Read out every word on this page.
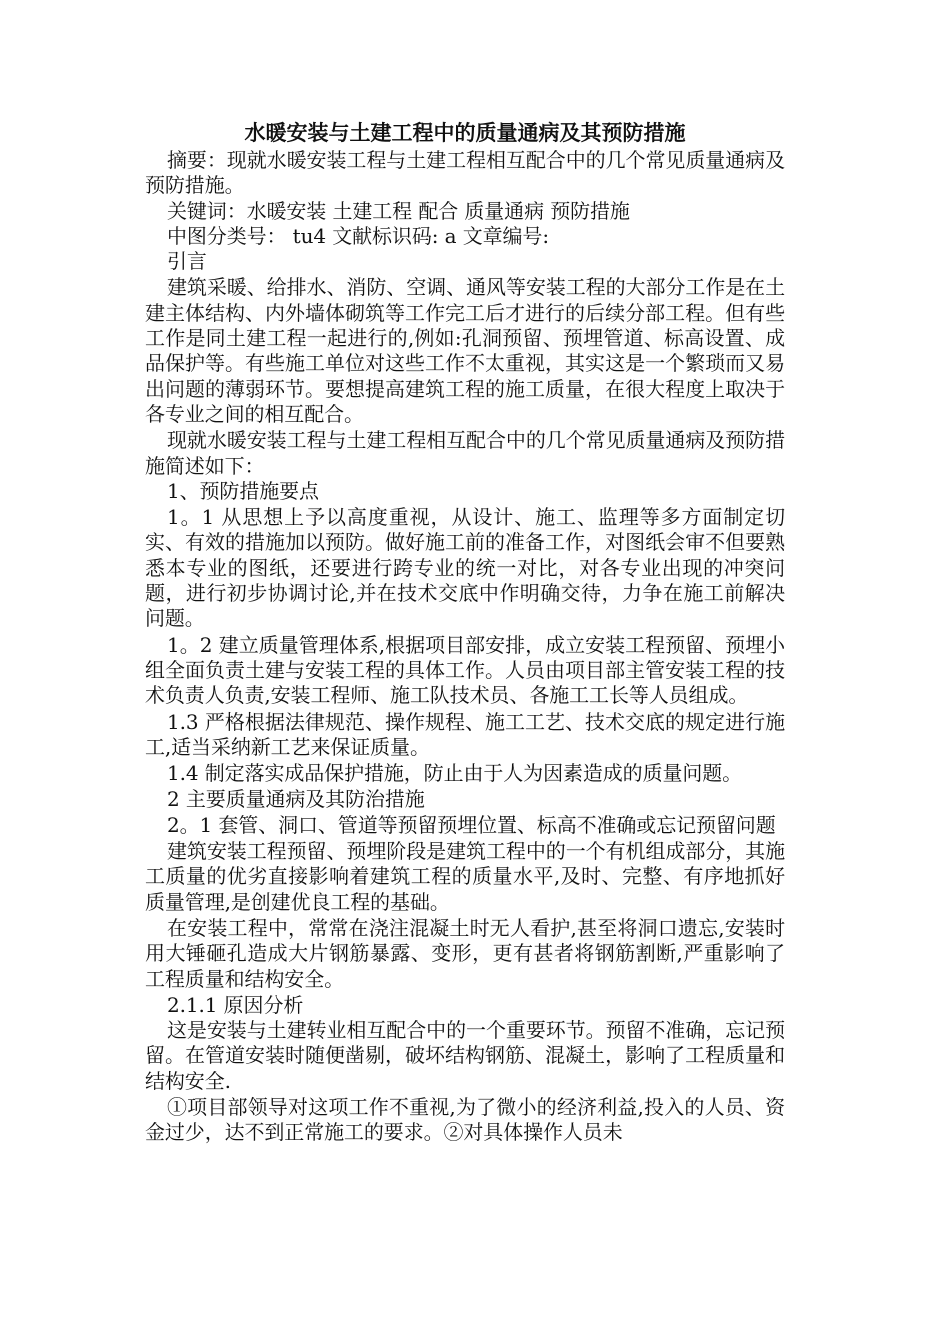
水暖安装与土建工程中的质量通病及其预防措施

摘要：现就水暖安装工程与土建工程相互配合中的几个常见质量通病及预防措施。

关键词：水暖安装 土建工程 配合 质量通病 预防措施

中图分类号： tu4 文献标识码: a 文章编号:

引言

建筑采暖、给排水、消防、空调、通风等安装工程的大部分工作是在土建主体结构、内外墙体砌筑等工作完工后才进行的后续分部工程。但有些工作是同土建工程一起进行的,例如:孔洞预留、预埋管道、标高设置、成品保护等。有些施工单位对这些工作不太重视，其实这是一个繁琐而又易出问题的薄弱环节。要想提高建筑工程的施工质量，在很大程度上取决于各专业之间的相互配合。

现就水暖安装工程与土建工程相互配合中的几个常见质量通病及预防措施简述如下：

1、预防措施要点

1。1 从思想上予以高度重视，从设计、施工、监理等多方面制定切实、有效的措施加以预防。做好施工前的准备工作，对图纸会审不但要熟悉本专业的图纸，还要进行跨专业的统一对比，对各专业出现的冲突问题，进行初步协调讨论,并在技术交底中作明确交待，力争在施工前解决问题。

1。2 建立质量管理体系,根据项目部安排，成立安装工程预留、预埋小组全面负责土建与安装工程的具体工作。人员由项目部主管安装工程的技术负责人负责,安装工程师、施工队技术员、各施工工长等人员组成。

1.3 严格根据法律规范、操作规程、施工工艺、技术交底的规定进行施工,适当采纳新工艺来保证质量。

1.4 制定落实成品保护措施，防止由于人为因素造成的质量问题。

2 主要质量通病及其防治措施

2。1 套管、洞口、管道等预留预埋位置、标高不准确或忘记预留问题

建筑安装工程预留、预埋阶段是建筑工程中的一个有机组成部分，其施工质量的优劣直接影响着建筑工程的质量水平,及时、完整、有序地抓好质量管理,是创建优良工程的基础。

在安装工程中，常常在浇注混凝土时无人看护,甚至将洞口遗忘,安装时用大锤砸孔造成大片钢筋暴露、变形，更有甚者将钢筋割断,严重影响了工程质量和结构安全。

2.1.1 原因分析

这是安装与土建转业相互配合中的一个重要环节。预留不准确，忘记预留。在管道安装时随便凿剔，破坏结构钢筋、混凝土，影响了工程质量和结构安全.

①项目部领导对这项工作不重视,为了微小的经济利益,投入的人员、资金过少，达不到正常施工的要求。②对具体操作人员未
